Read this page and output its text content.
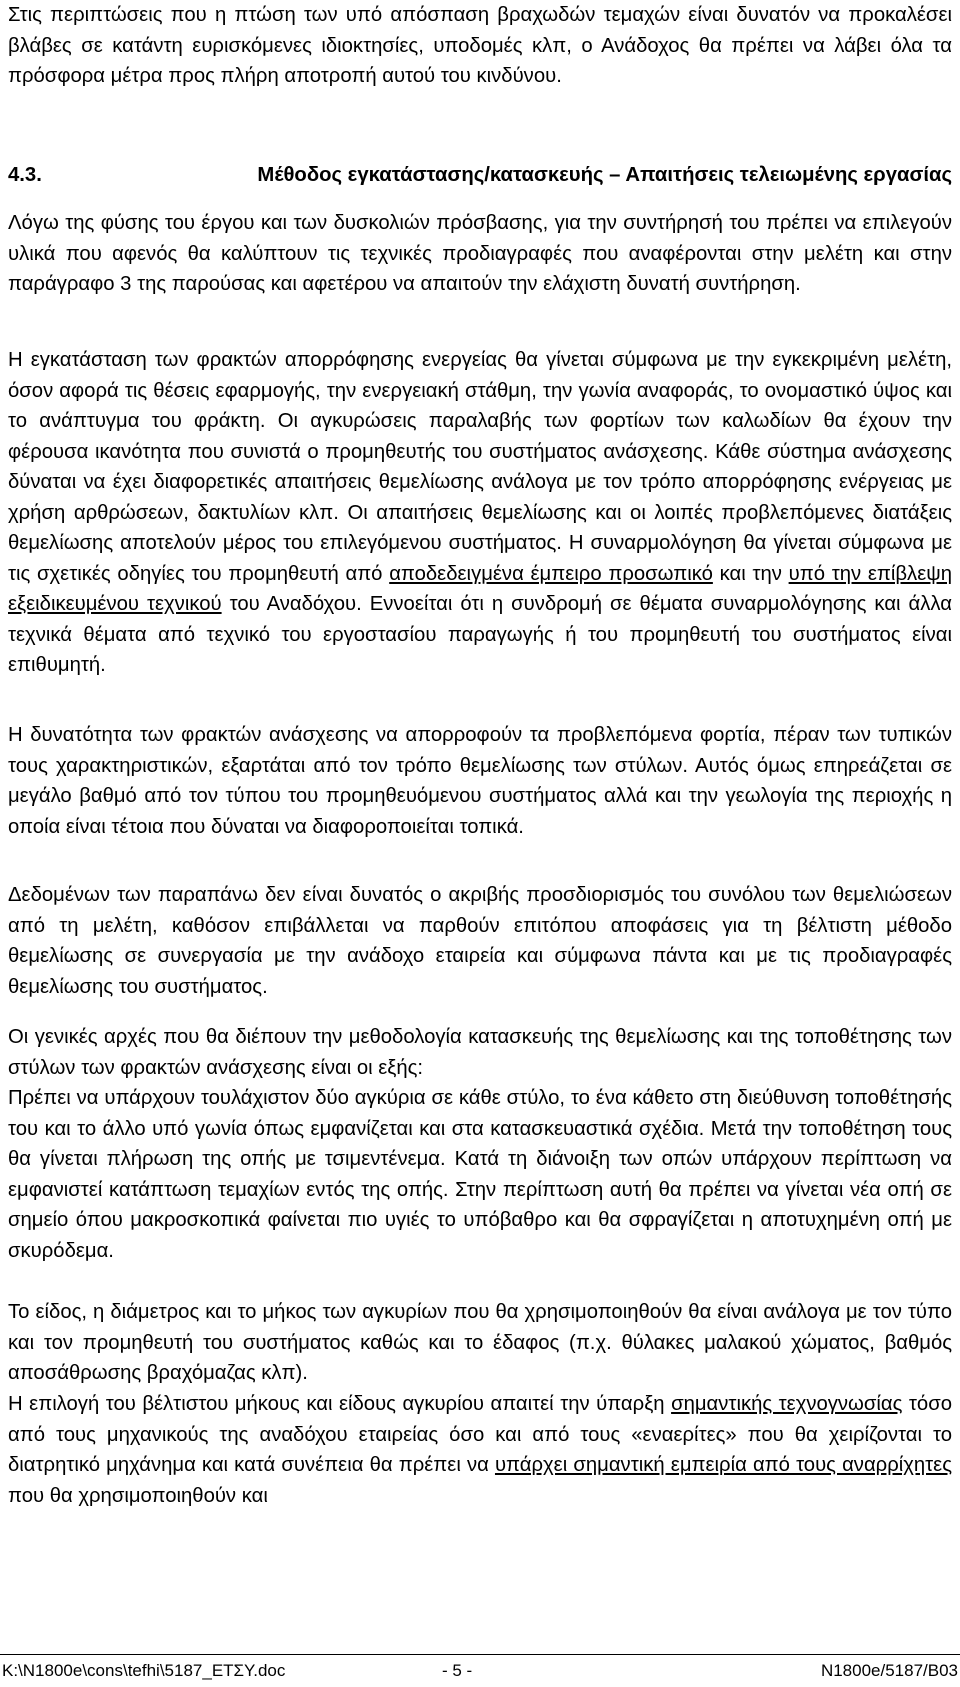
Στις περιπτώσεις που η πτώση των υπό απόσπαση βραχωδών τεμαχών είναι δυνατόν να προκαλέσει βλάβες σε κατάντη ευρισκόμενες ιδιοκτησίες, υποδομές κλπ, ο Ανάδοχος θα πρέπει να λάβει όλα τα πρόσφορα μέτρα προς πλήρη αποτροπή αυτού του κινδύνου.

4.3.	Μέθοδος εγκατάστασης/κατασκευής – Απαιτήσεις τελειωμένης εργασίας

Λόγω της φύσης του έργου και των δυσκολιών πρόσβασης, για την συντήρησή του πρέπει να επιλεγούν υλικά που αφενός θα καλύπτουν τις τεχνικές προδιαγραφές που αναφέρονται στην μελέτη και στην παράγραφο 3 της παρούσας και αφετέρου να απαιτούν την ελάχιστη δυνατή συντήρηση.

Η εγκατάσταση των φρακτών απορρόφησης ενεργείας θα γίνεται σύμφωνα με την εγκεκριμένη μελέτη, όσον αφορά τις θέσεις εφαρμογής, την ενεργειακή στάθμη, την γωνία αναφοράς, το ονομαστικό ύψος και το ανάπτυγμα του φράκτη. Οι αγκυρώσεις παραλαβής των φορτίων των καλωδίων θα έχουν την φέρουσα ικανότητα που συνιστά ο προμηθευτής του συστήματος ανάσχεσης. Κάθε σύστημα ανάσχεσης δύναται να έχει διαφορετικές απαιτήσεις θεμελίωσης ανάλογα με τον τρόπο απορρόφησης ενέργειας με χρήση αρθρώσεων, δακτυλίων κλπ. Οι απαιτήσεις θεμελίωσης και οι λοιπές προβλεπόμενες διατάξεις θεμελίωσης αποτελούν μέρος του επιλεγόμενου συστήματος. Η συναρμολόγηση θα γίνεται σύμφωνα με τις σχετικές οδηγίες του προμηθευτή από αποδεδειγμένα έμπειρο προσωπικό και την υπό την επίβλεψη εξειδικευμένου τεχνικού του Αναδόχου. Εννοείται ότι η συνδρομή σε θέματα συναρμολόγησης και άλλα τεχνικά θέματα από τεχνικό του εργοστασίου παραγωγής ή του προμηθευτή του συστήματος είναι επιθυμητή.

Η δυνατότητα των φρακτών ανάσχεσης να απορροφούν τα προβλεπόμενα φορτία, πέραν των τυπικών τους χαρακτηριστικών, εξαρτάται από τον τρόπο θεμελίωσης των στύλων. Αυτός όμως επηρεάζεται σε μεγάλο βαθμό από τον τύπου του προμηθευόμενου συστήματος αλλά και την γεωλογία της περιοχής η οποία είναι τέτοια που δύναται να διαφοροποιείται τοπικά.

Δεδομένων των παραπάνω δεν είναι δυνατός ο ακριβής προσδιορισμός του συνόλου των θεμελιώσεων από τη μελέτη, καθόσον επιβάλλεται να παρθούν επιτόπου αποφάσεις για τη βέλτιστη μέθοδο θεμελίωσης σε συνεργασία με την ανάδοχο εταιρεία και σύμφωνα πάντα και με τις προδιαγραφές θεμελίωσης του συστήματος.

Οι γενικές αρχές που θα διέπουν την μεθοδολογία κατασκευής της θεμελίωσης και της τοποθέτησης των στύλων των φρακτών ανάσχεσης είναι οι εξής:

Πρέπει να υπάρχουν τουλάχιστον δύο αγκύρια σε κάθε στύλο, το ένα κάθετο στη διεύθυνση τοποθέτησής του και το άλλο υπό γωνία όπως εμφανίζεται και στα κατασκευαστικά σχέδια. Μετά την τοποθέτηση τους θα γίνεται πλήρωση της οπής με τσιμεντένεμα. Κατά τη διάνοιξη των οπών υπάρχουν περίπτωση να εμφανιστεί κατάπτωση τεμαχίων εντός της οπής. Στην περίπτωση αυτή θα πρέπει να γίνεται νέα οπή σε σημείο όπου μακροσκοπικά φαίνεται πιο υγιές το υπόβαθρο και θα σφραγίζεται η αποτυχημένη οπή με σκυρόδεμα.

Το είδος, η διάμετρος και το μήκος των αγκυρίων που θα χρησιμοποιηθούν θα είναι ανάλογα με τον τύπο και τον προμηθευτή του συστήματος καθώς και το έδαφος (π.χ. θύλακες μαλακού χώματος, βαθμός αποσάθρωσης βραχόμαζας κλπ).

Η επιλογή του βέλτιστου μήκους και είδους αγκυρίου απαιτεί την ύπαρξη σημαντικής τεχνογνωσίας τόσο από τους μηχανικούς της αναδόχου εταιρείας όσο και από τους «εναερίτες» που θα χειρίζονται το διατρητικό μηχάνημα και κατά συνέπεια θα πρέπει να υπάρχει σημαντική εμπειρία από τους αναρρίχητες που θα χρησιμοποιηθούν και

K:\N1800e\cons\tefhi\5187_ΕΤΣΥ.doc	- 5 -	N1800e/5187/B03
